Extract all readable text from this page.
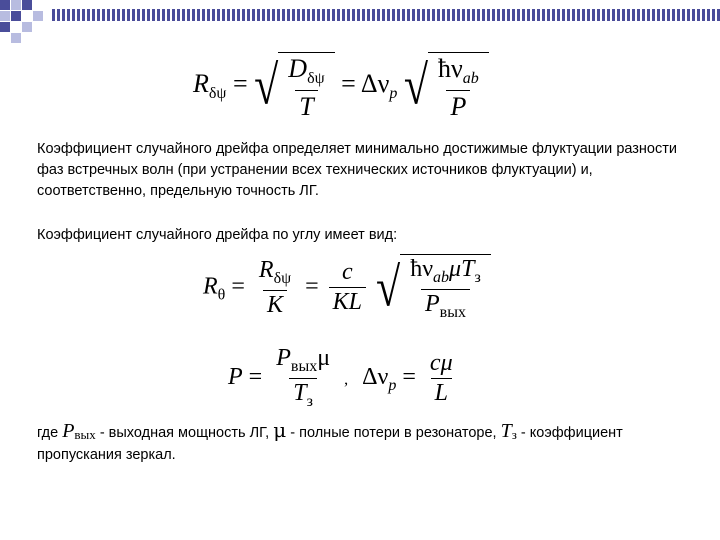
$R_{\delta\psi}$ = √ $\frac{D_{\delta\psi}}{T} = \Delta\nu_p$ √ $\frac{ħ\nu_{ab}}{P}$
Коэффициент случайного дрейфа определяет минимально достижимые флуктуации разности фаз встречных волн (при устранении всех технических источников флуктуации) и, соответственно, предельную точность ЛГ.
Коэффициент случайного дрейфа по углу имеет вид:
$R_\theta = \frac{R_{\delta\psi}}{K} = \frac{c}{KL}$
√ $\frac{ħ\nu_{ab}\mu T_з}{P_{вых}}$
$P = \frac{P_{вых}\mu}{T_з}$ , $\Delta\nu_p = \frac{c\mu}{L}$
где $P_{вых}$ - выходная мощность ЛГ, μ - полные потери в резонаторе, $T_з$ - коэффициент пропускания зеркал.
